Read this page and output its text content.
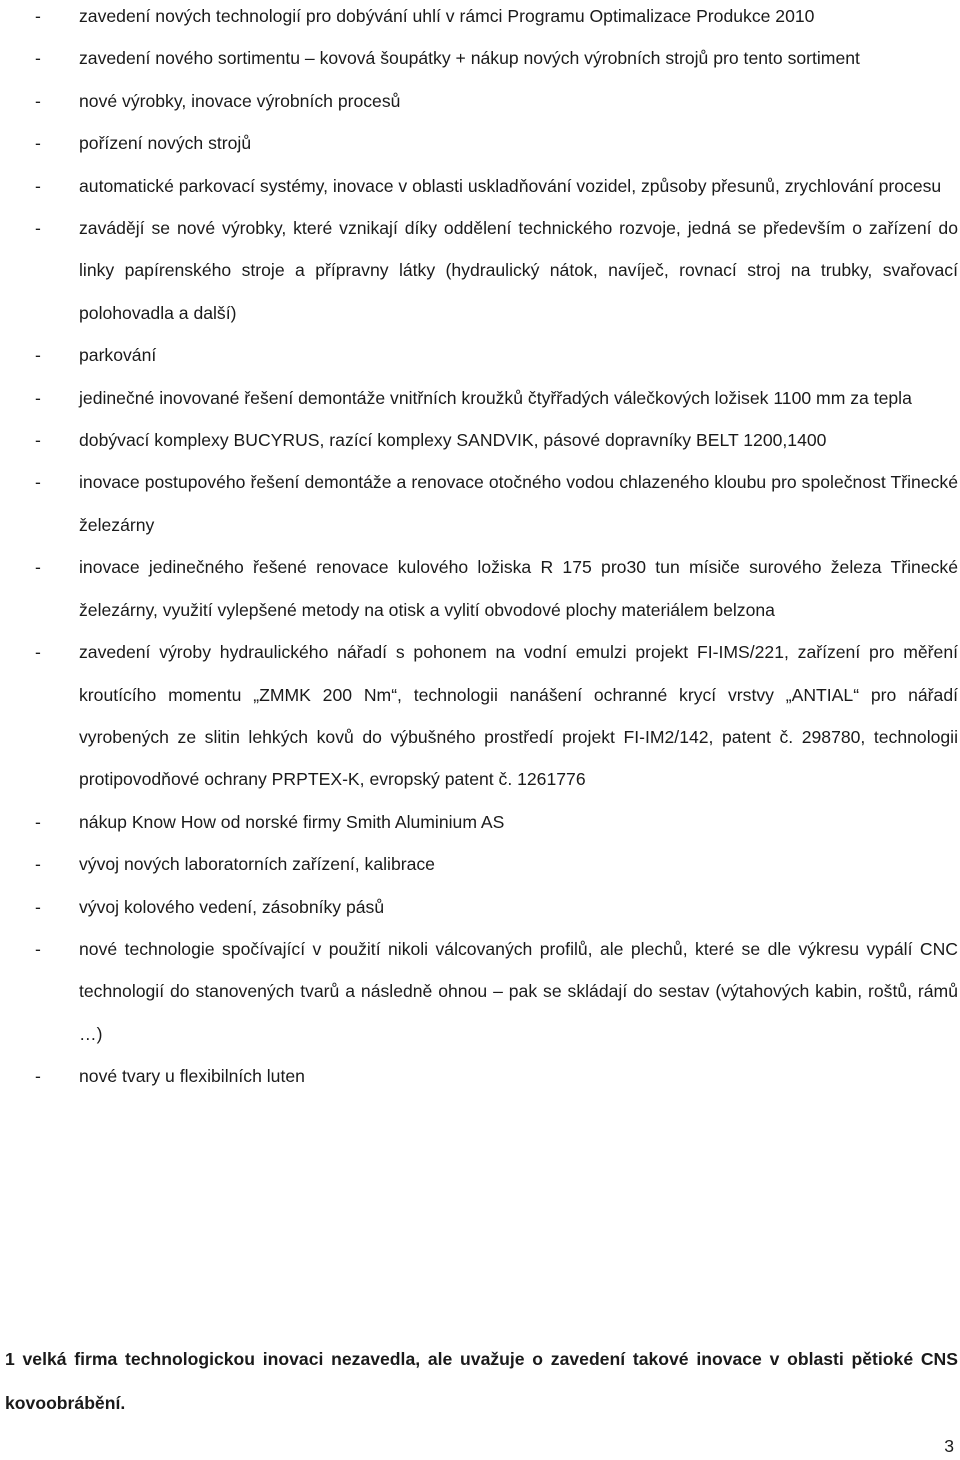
- zavedení nových technologií pro dobývání uhlí v rámci Programu Optimalizace Produkce 2010
- zavedení nového sortimentu – kovová šoupátky + nákup nových výrobních strojů pro tento sortiment
- nové výrobky, inovace výrobních procesů
- pořízení nových strojů
- automatické parkovací systémy, inovace v oblasti uskladňování vozidel, způsoby přesunů, zrychlování procesu
- zavádějí se nové výrobky, které vznikají díky oddělení technického rozvoje, jedná se především o zařízení do linky papírenského stroje a přípravny látky (hydraulický nátok, navíječ, rovnací stroj na trubky, svařovací polohovadla a další)
- parkování
- jedinečné inovované řešení demontáže vnitřních kroužků čtyřřadých válečkových ložisek 1100 mm za tepla
- dobývací komplexy BUCYRUS, razící komplexy SANDVIK, pásové dopravníky BELT 1200,1400
- inovace postupového řešení demontáže a renovace otočného vodou chlazeného kloubu pro společnost Třinecké železárny
- inovace jedinečného řešené renovace kulového ložiska R 175 pro30 tun mísiče surového železa Třinecké železárny, využití vylepšené metody na otisk a vylití obvodové plochy materiálem belzona
- zavedení výroby hydraulického nářadí s pohonem na vodní emulzi projekt FI-IMS/221, zařízení pro měření kroutícího momentu „ZMMK 200 Nm“, technologii nanášení ochranné krycí vrstvy „ANTIAL“ pro nářadí vyrobených ze slitin lehkých kovů do výbušného prostředí projekt FI-IM2/142, patent č. 298780, technologii protipovodňové ochrany PRPTEX-K, evropský patent č. 1261776
- nákup Know How od norské firmy Smith Aluminium AS
- vývoj nových laboratorních zařízení, kalibrace
- vývoj kolového vedení, zásobníky pásů
- nové technologie spočívající v použití nikoli válcovaných profilů, ale plechů, které se dle výkresu vypálí CNC technologií do stanovených tvarů a následně ohnou – pak se skládají do sestav (výtahových kabin, roštů, rámů …)
- nové tvary u flexibilních luten

1 velká firma technologickou inovaci nezavedla, ale uvažuje o zavedení takové inovace v oblasti pětioké CNS kovoobrábění.

3
